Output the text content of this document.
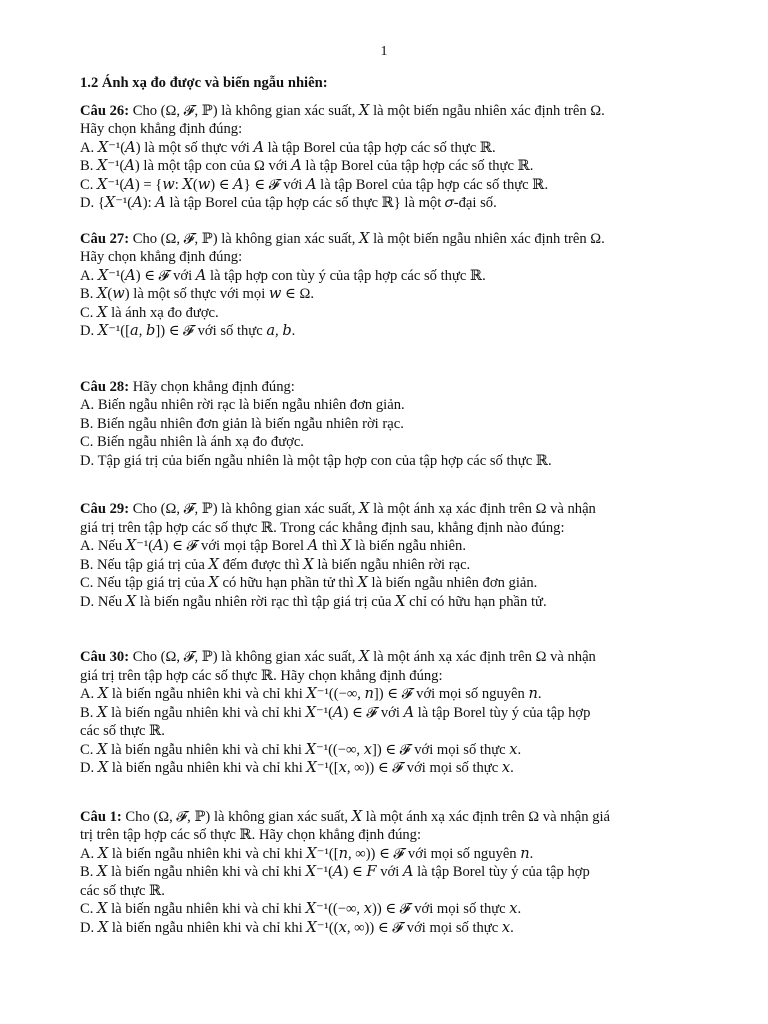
1
1.2 Ánh xạ đo được và biến ngẫu nhiên:
Câu 26: Cho (Ω, 𝓕, ℙ) là không gian xác suất, 𝑋 là một biến ngẫu nhiên xác định trên Ω.
Hãy chọn khẳng định đúng:
A. 𝑋⁻¹(𝐴) là một số thực với 𝐴 là tập Borel của tập hợp các số thực ℝ.
B. 𝑋⁻¹(𝐴) là một tập con của Ω với 𝐴 là tập Borel của tập hợp các số thực ℝ.
C. 𝑋⁻¹(𝐴) = {𝑤: 𝑋(𝑤) ∈ 𝐴} ∈ 𝓕 với 𝐴 là tập Borel của tập hợp các số thực ℝ.
D. {𝑋⁻¹(𝐴): 𝐴 là tập Borel của tập hợp các số thực ℝ} là một 𝜎-đại số.
Câu 27: Cho (Ω, 𝓕, ℙ) là không gian xác suất, 𝑋 là một biến ngẫu nhiên xác định trên Ω.
Hãy chọn khẳng định đúng:
A. 𝑋⁻¹(𝐴) ∈ 𝓕 với 𝐴 là tập hợp con tùy ý của tập hợp các số thực ℝ.
B. 𝑋(𝑤) là một số thực với mọi 𝑤 ∈ Ω.
C. 𝑋 là ánh xạ đo được.
D. 𝑋⁻¹([𝑎, 𝑏]) ∈ 𝓕 với số thực 𝑎, 𝑏.
Câu 28: Hãy chọn khẳng định đúng:
A. Biến ngẫu nhiên rời rạc là biến ngẫu nhiên đơn giản.
B. Biến ngẫu nhiên đơn giản là biến ngẫu nhiên rời rạc.
C. Biến ngẫu nhiên là ánh xạ đo được.
D. Tập giá trị của biến ngẫu nhiên là một tập hợp con của tập hợp các số thực ℝ.
Câu 29: Cho (Ω, 𝓕, ℙ) là không gian xác suất, 𝑋 là một ánh xạ xác định trên Ω và nhận
giá trị trên tập hợp các số thực ℝ. Trong các khẳng định sau, khẳng định nào đúng:
A. Nếu 𝑋⁻¹(𝐴) ∈ 𝓕 với mọi tập Borel 𝐴 thì 𝑋 là biến ngẫu nhiên.
B. Nếu tập giá trị của 𝑋 đếm được thì 𝑋 là biến ngẫu nhiên rời rạc.
C. Nếu tập giá trị của 𝑋 có hữu hạn phần tử thì 𝑋 là biến ngẫu nhiên đơn giản.
D. Nếu 𝑋 là biến ngẫu nhiên rời rạc thì tập giá trị của 𝑋 chỉ có hữu hạn phần tử.
Câu 30: Cho (Ω, 𝓕, ℙ) là không gian xác suất, 𝑋 là một ánh xạ xác định trên Ω và nhận
giá trị trên tập hợp các số thực ℝ. Hãy chọn khẳng định đúng:
A. 𝑋 là biến ngẫu nhiên khi và chỉ khi 𝑋⁻¹((−∞, 𝑛]) ∈ 𝓕 với mọi số nguyên 𝑛.
B. 𝑋 là biến ngẫu nhiên khi và chỉ khi 𝑋⁻¹(𝐴) ∈ 𝓕 với 𝐴 là tập Borel tùy ý của tập hợp
các số thực ℝ.
C. 𝑋 là biến ngẫu nhiên khi và chỉ khi 𝑋⁻¹((−∞, 𝑥]) ∈ 𝓕 với mọi số thực 𝑥.
D. 𝑋 là biến ngẫu nhiên khi và chỉ khi 𝑋⁻¹([𝑥, ∞)) ∈ 𝓕 với mọi số thực 𝑥.
Câu 1: Cho (Ω, 𝓕, ℙ) là không gian xác suất, 𝑋 là một ánh xạ xác định trên Ω và nhận giá
trị trên tập hợp các số thực ℝ. Hãy chọn khẳng định đúng:
A. 𝑋 là biến ngẫu nhiên khi và chỉ khi 𝑋⁻¹([𝑛, ∞)) ∈ 𝓕 với mọi số nguyên 𝑛.
B. 𝑋 là biến ngẫu nhiên khi và chỉ khi 𝑋⁻¹(𝐴) ∈ 𝐹 với 𝐴 là tập Borel tùy ý của tập hợp
các số thực ℝ.
C. 𝑋 là biến ngẫu nhiên khi và chỉ khi 𝑋⁻¹((−∞, 𝑥)) ∈ 𝓕 với mọi số thực 𝑥.
D. 𝑋 là biến ngẫu nhiên khi và chỉ khi 𝑋⁻¹((𝑥, ∞)) ∈ 𝓕 với mọi số thực 𝑥.
